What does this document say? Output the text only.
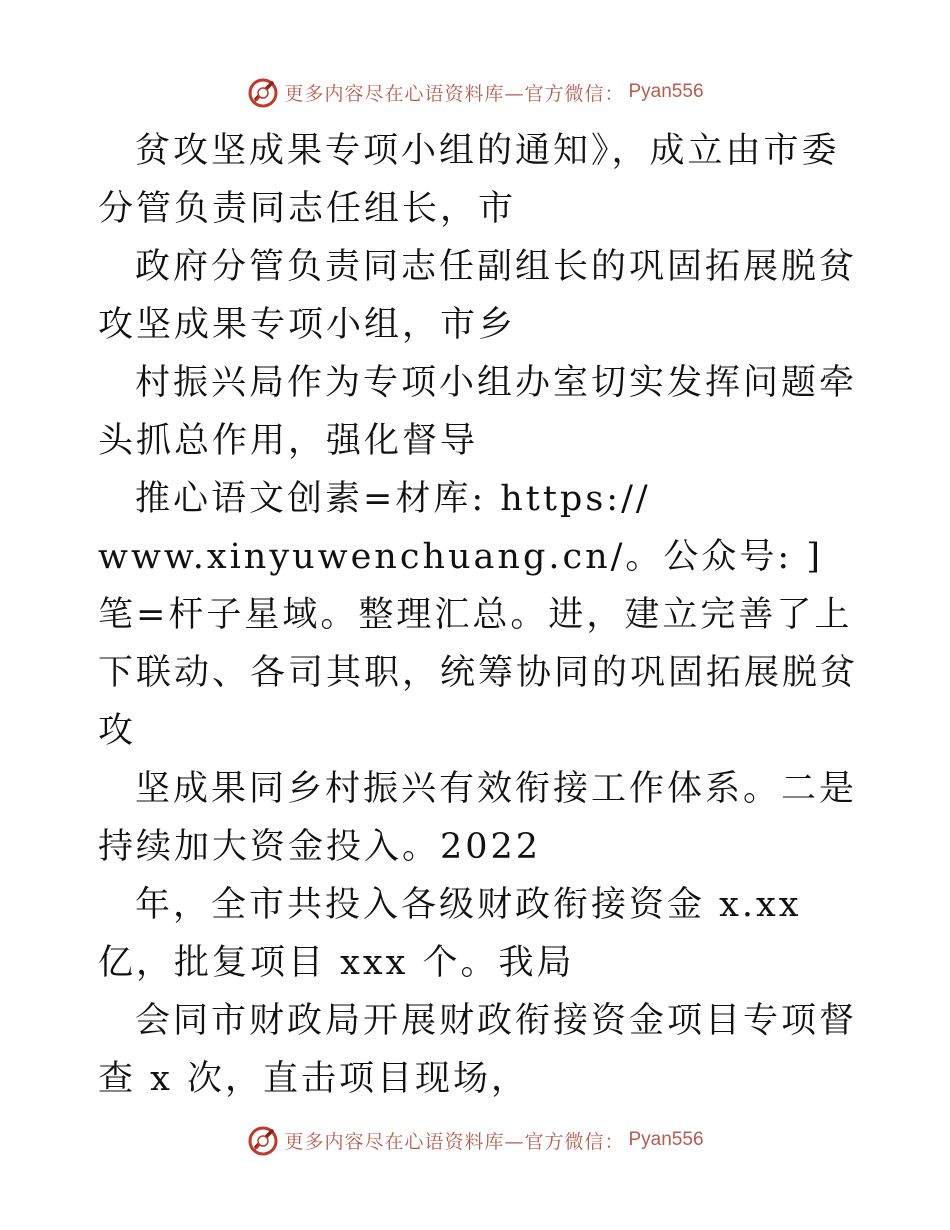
更多内容尽在心语资料库—官方微信： Pyan556

贫攻坚成果专项小组的通知》，成立由市委分管负责同志任组长，市

政府分管负责同志任副组长的巩固拓展脱贫攻坚成果专项小组，市乡

村振兴局作为专项小组办室切实发挥问题牵头抓总作用，强化督导

推心语文创素=材库: https://

www.xinyuwenchuang.cn/。公众号: ]笔=杆子星域。整理汇总。进，建立完善了上下联动、各司其职，统筹协同的巩固拓展脱贫攻

坚成果同乡村振兴有效衔接工作体系。二是持续加大资金投入。2022

年，全市共投入各级财政衔接资金 x.xx 亿，批复项目 xxx 个。我局

会同市财政局开展财政衔接资金项目专项督查 x 次，直击项目现场，

更多内容尽在心语资料库—官方微信： Pyan556
